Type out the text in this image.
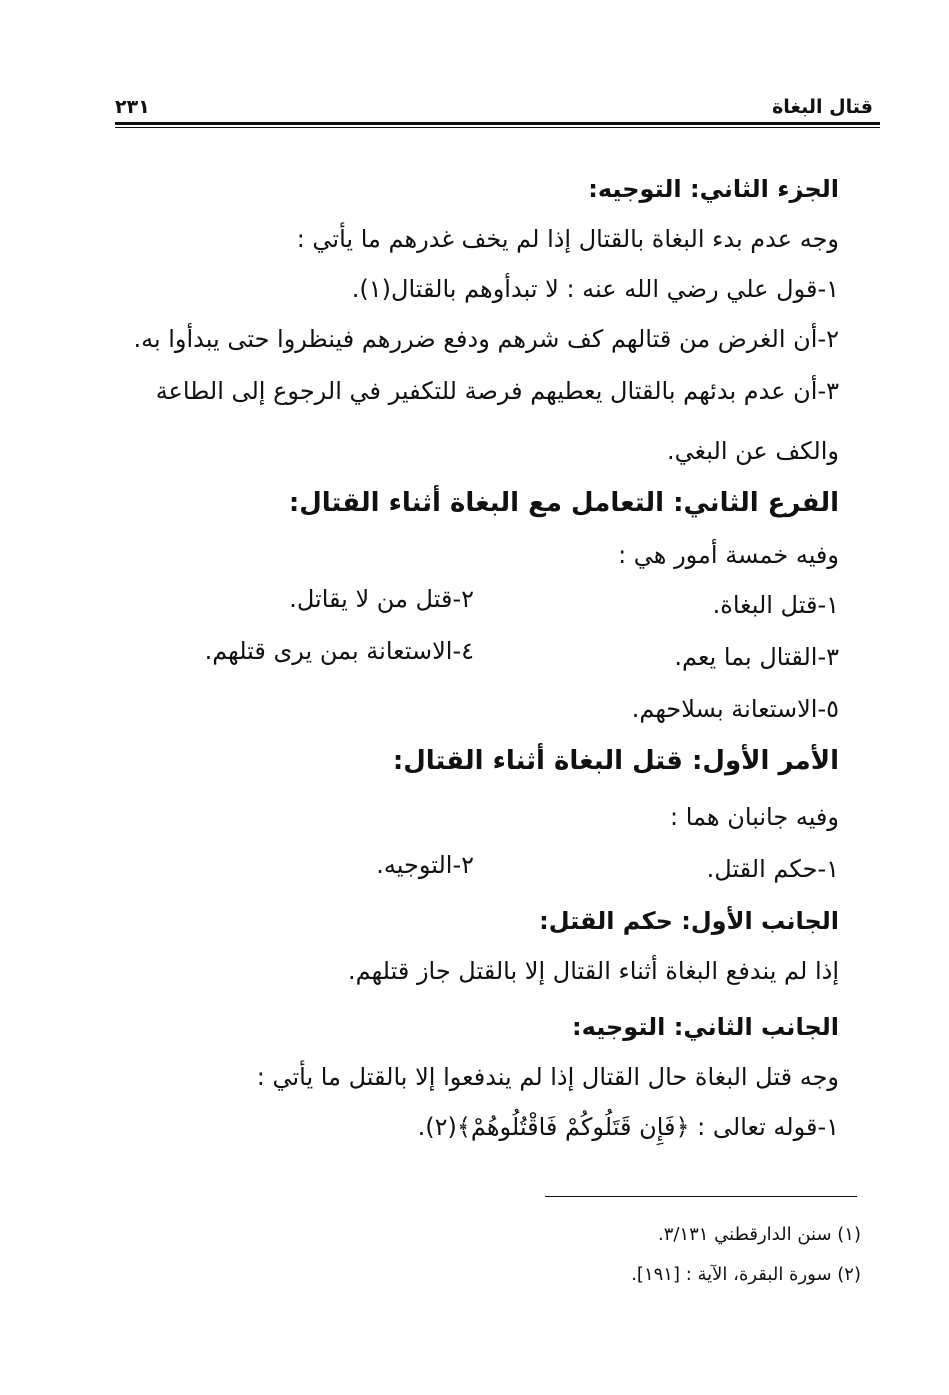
قتال البغاة
٢٣١
الجزء الثاني: التوجيه:
وجه عدم بدء البغاة بالقتال إذا لم يخف غدرهم ما يأتي :
١-قول علي رضي الله عنه : لا تبدأوهم بالقتال(١).
٢-أن الغرض من قتالهم كف شرهم ودفع ضررهم فينظروا حتى يبدأوا به.
٣-أن عدم بدئهم بالقتال يعطيهم فرصة للتكفير في الرجوع إلى الطاعة
والكف عن البغي.
الفرع الثاني: التعامل مع البغاة أثناء القتال:
وفيه خمسة أمور هي :
١-قتل البغاة.
٢-قتل من لا يقاتل.
٣-القتال بما يعم.
٤-الاستعانة بمن يرى قتلهم.
٥-الاستعانة بسلاحهم.
الأمر الأول: قتل البغاة أثناء القتال:
وفيه جانبان هما :
١-حكم القتل.
٢-التوجيه.
الجانب الأول: حكم القتل:
إذا لم يندفع البغاة أثناء القتال إلا بالقتل جاز قتلهم.
الجانب الثاني: التوجيه:
وجه قتل البغاة حال القتال إذا لم يندفعوا إلا بالقتل ما يأتي :
١-قوله تعالى : ﴿فَإِن قَتَلُوكُمْ فَاقْتُلُوهُمْ﴾(٢).
(١) سنن الدارقطني ٣/١٣١.
(٢) سورة البقرة، الآية : [١٩١].
